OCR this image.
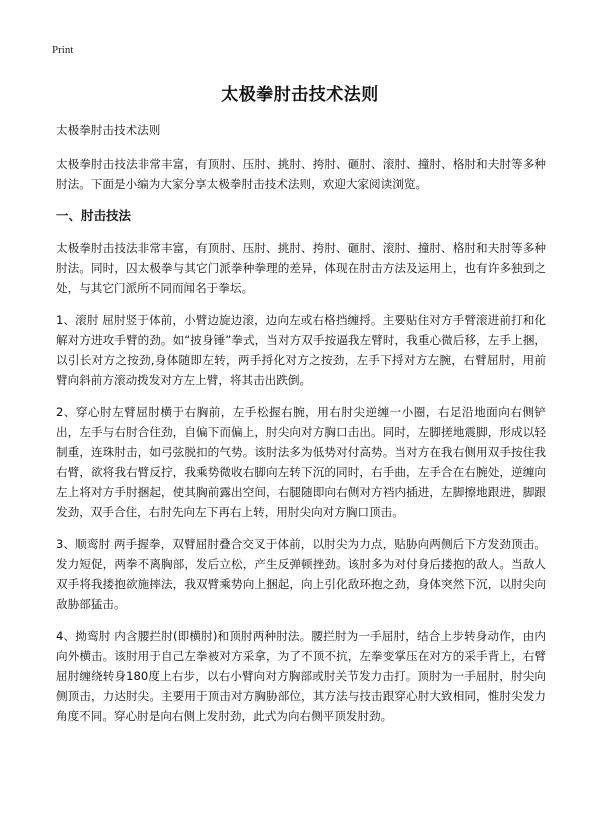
Print
太极拳肘击技术法则

太极拳肘击技术法则

太极拳肘击技法非常丰富，有顶肘、压肘、挑肘、挎肘、砸肘、滚肘、撞肘、格肘和夫肘等多种肘法。下面是小编为大家分享太极拳肘击技术法则，欢迎大家阅读浏览。

一、肘击技法

太极拳肘击技法非常丰富，有顶肘、压肘、挑肘、挎肘、砸肘、滚肘、撞肘、格肘和夫肘等多种肘法。同时，囚太极拳与其它门派拳种拳理的差异，体现在肘击方法及运用上，也有许多独到之处，与其它门派所不同而闻名于拳坛。

1、滚肘 屈肘竖于体前，小臂边旋边滚，边向左或右格挡缠捋。主要贴住对方手臂滚进前打和化解对方进攻手臂的劲。如“披身锤”拳式，当对方双手按逼我左臂时，我重心微后移，左手上捆，以引长对方之按劲,身体随即左转，两手捋化对方之按劲，左手下捋对方左腕，右臂屈肘，用前臂向斜前方滚动拨发对方左上臂，将其击出跌倒。

2、穿心肘左臂屈肘横于右胸前，左手松握右腕，用右肘尖逆缠一小圈，右足沿地面向右侧铲出，左手与右肘合住劲，自偏下而偏上，肘尖向对方胸口击出。同时，左脚搓地震脚，形成以轻制重，连珠肘击，如弓弦脱扣的气势。该肘法多为低势对付高势。当对方在我右侧用双手按住我右臂，欲将我右臂反拧，我乘势微收右脚向左转下沉的同时，右手曲，左手合在右腕处，逆缠向左上将对方手肘捆起，使其胸前露出空间，右腿随即向右侧对方裆内插进，左脚擦地跟进，脚跟发劲，双手合住，右肘先向左下再右上转，用肘尖向对方胸口顶击。

3、顺鸾肘 两手握拳，双臂屈肘叠合交叉于体前，以肘尖为力点，贴胁向两侧后下方发劲顶击。发力短促，两拳不离胸部，发后立松，产生反弹顿挫劲。该肘多为对付身后搂抱的敌人。当敌人双手将我搂抱欲施摔法，我双臂乘势向上捆起，向上引化敌环抱之劲，身体突然下沉，以肘尖向敌胁部猛击。

4、拗鸾肘 内含腰拦肘(即横肘)和顶肘两种肘法。腰拦肘为一手屈肘，结合上步转身动作，由内向外横击。该肘用于自己左拳被对方采拿，为了不顶不抗，左拳变掌压在对方的采手背上，右臂屈肘缠绕转身180度上右步，以右小臂向对方胸部或肘关节发力击打。顶肘为一手屈肘，肘尖向侧顶击，力达肘尖。主要用于顶击对方胸胁部位，其方法与技击跟穿心肘大致相同，惟肘尖发力角度不同。穿心肘是向右侧上发肘劲，此式为向右侧平顶发肘劲。
